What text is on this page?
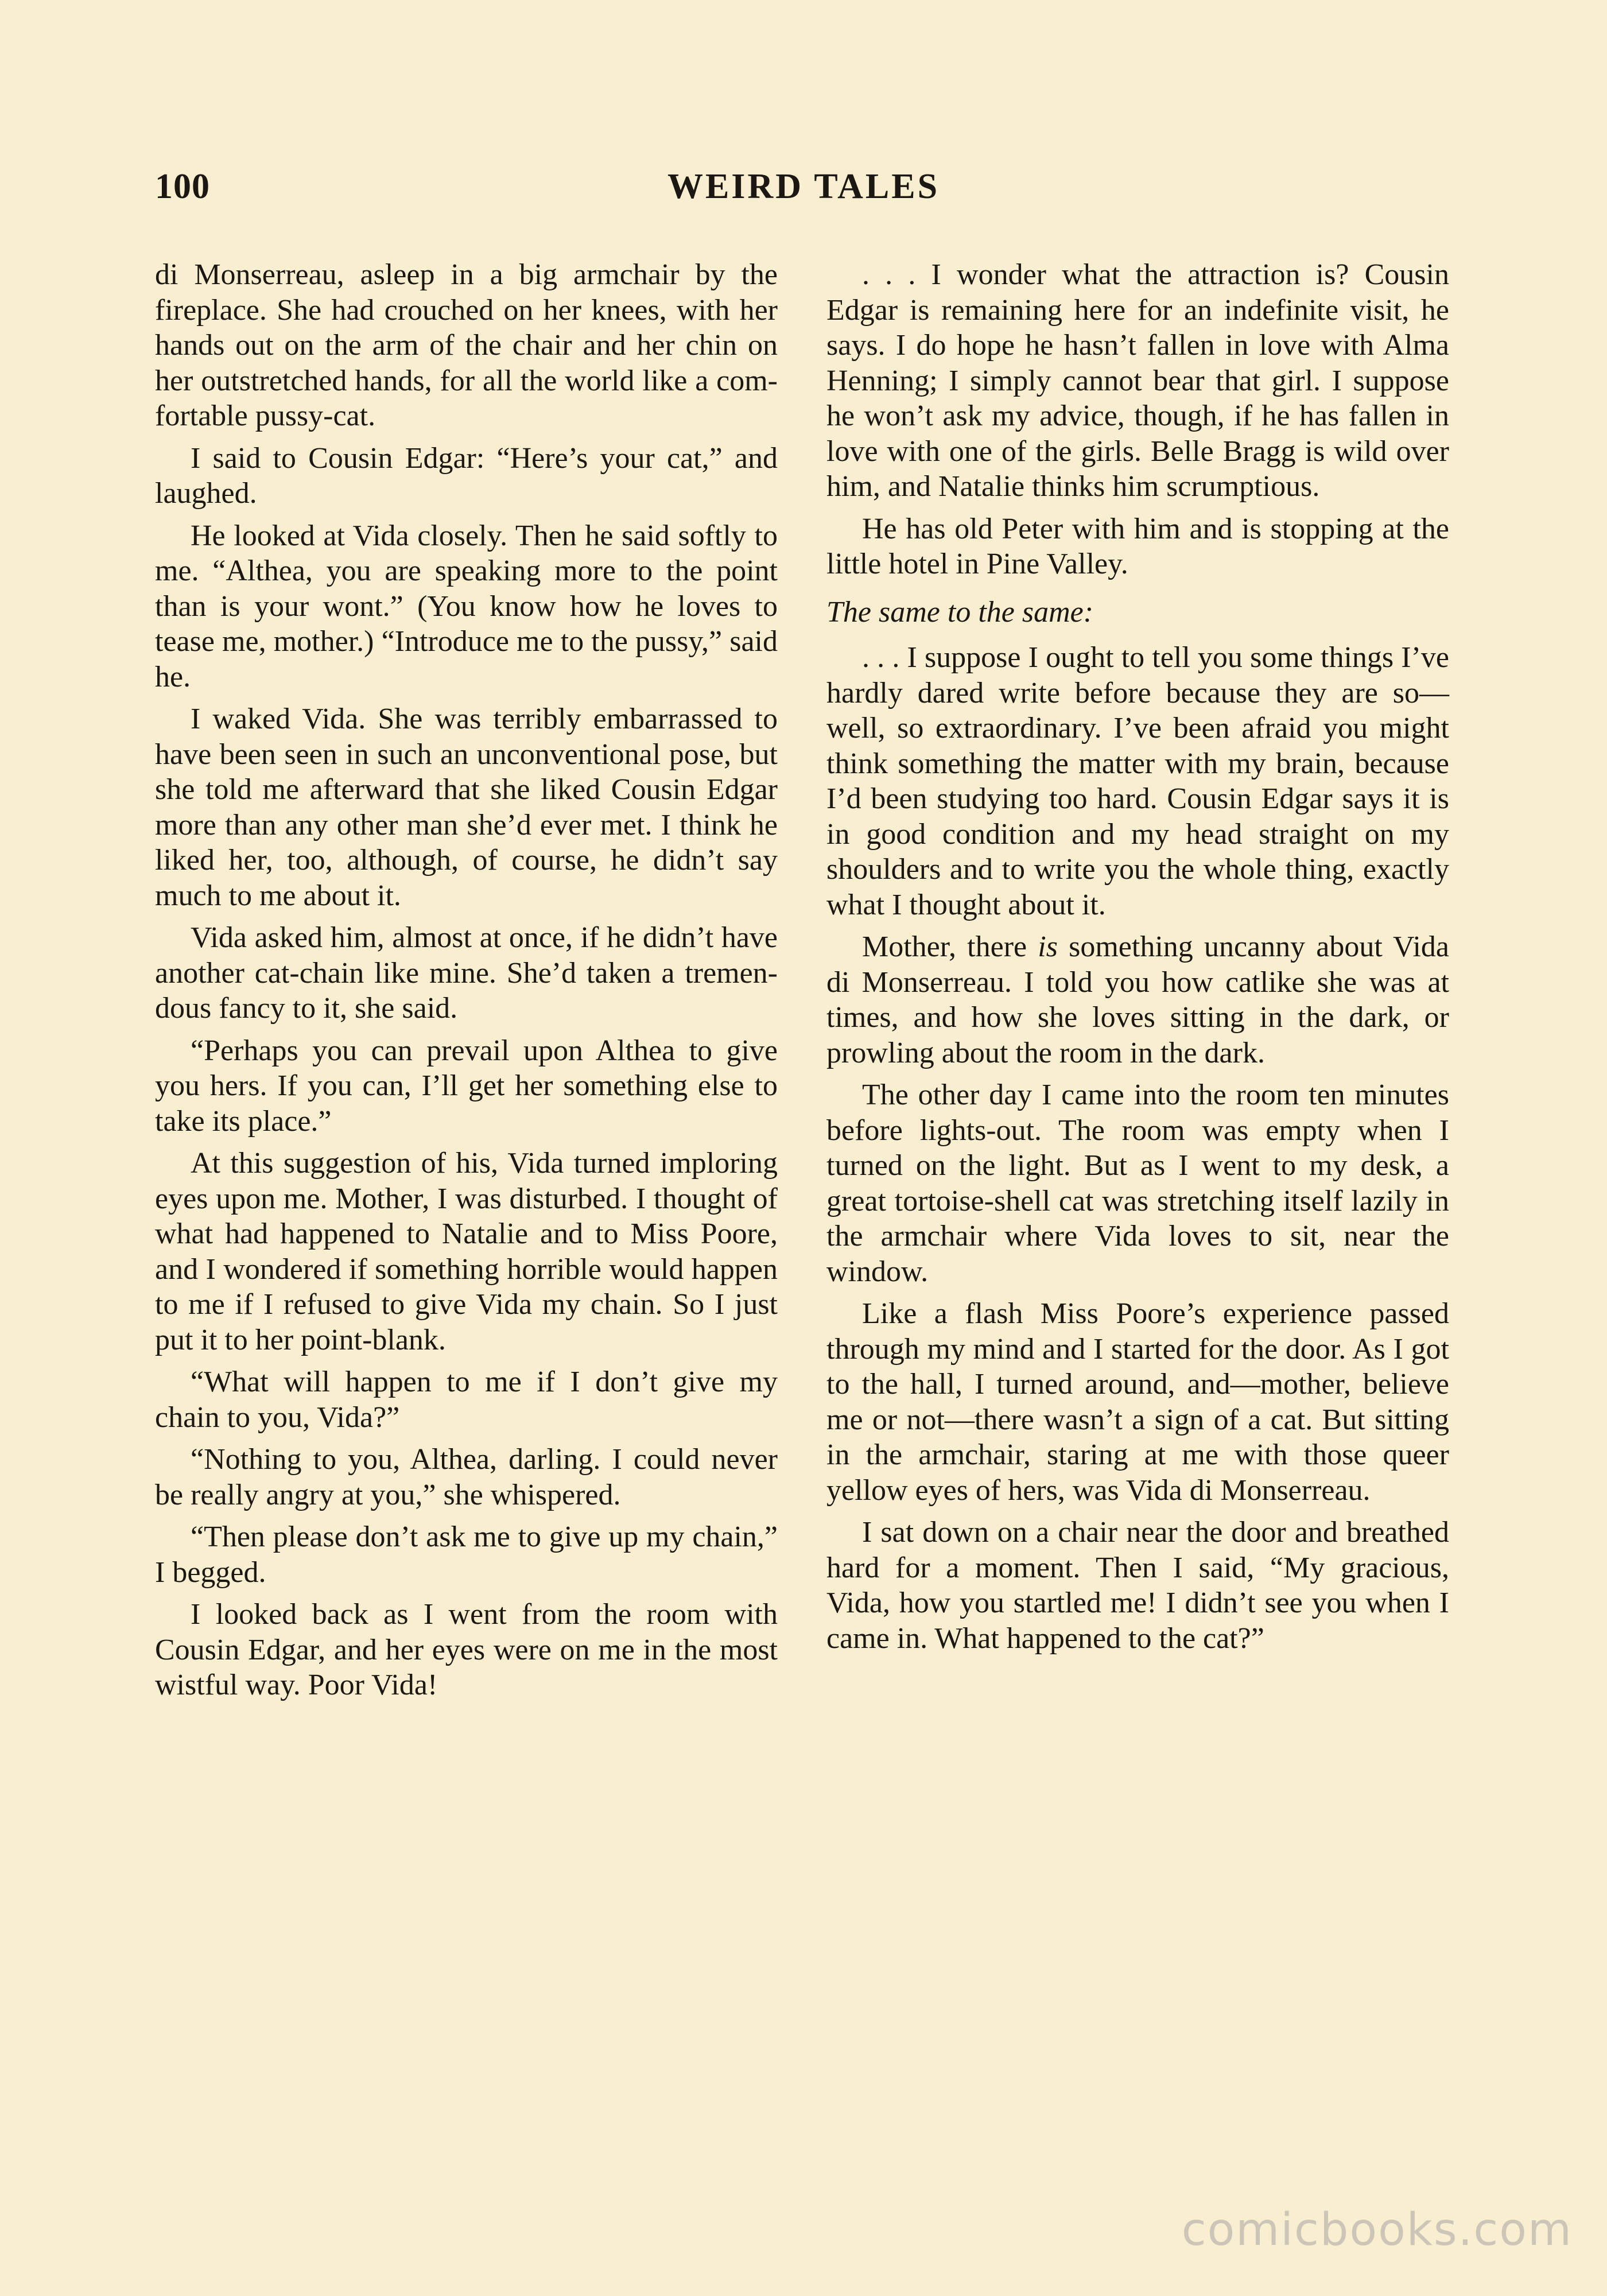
100	WEIRD TALES

di Monserreau, asleep in a big armchair by the fireplace. She had crouched on her knees, with her hands out on the arm of the chair and her chin on her outstretched hands, for all the world like a comfortable pussy-cat.

I said to Cousin Edgar: “Here’s your cat,” and laughed.

He looked at Vida closely. Then he said softly to me. “Althea, you are speaking more to the point than is your wont.” (You know how he loves to tease me, mother.) “Introduce me to the pussy,” said he.

I waked Vida. She was terribly embarrassed to have been seen in such an unconventional pose, but she told me afterward that she liked Cousin Edgar more than any other man she’d ever met. I think he liked her, too, although, of course, he didn’t say much to me about it.

Vida asked him, almost at once, if he didn’t have another cat-chain like mine. She’d taken a tremendous fancy to it, she said.

“Perhaps you can prevail upon Althea to give you hers. If you can, I’ll get her something else to take its place.”

At this suggestion of his, Vida turned imploring eyes upon me. Mother, I was disturbed. I thought of what had happened to Natalie and to Miss Poore, and I wondered if something horrible would happen to me if I refused to give Vida my chain. So I just put it to her point-blank.

“What will happen to me if I don’t give my chain to you, Vida?”

“Nothing to you, Althea, darling. I could never be really angry at you,” she whispered.

“Then please don’t ask me to give up my chain,” I begged.

I looked back as I went from the room with Cousin Edgar, and her eyes were on me in the most wistful way. Poor Vida!

. . . I wonder what the attraction is? Cousin Edgar is remaining here for an indefinite visit, he says. I do hope he hasn’t fallen in love with Alma Henning; I simply cannot bear that girl. I suppose he won’t ask my advice, though, if he has fallen in love with one of the girls. Belle Bragg is wild over him, and Natalie thinks him scrumptious.

He has old Peter with him and is stopping at the little hotel in Pine Valley.

The same to the same:

. . . I suppose I ought to tell you some things I’ve hardly dared write before because they are so—well, so extraordinary. I’ve been afraid you might think something the matter with my brain, because I’d been studying too hard. Cousin Edgar says it is in good condition and my head straight on my shoulders and to write you the whole thing, exactly what I thought about it.

Mother, there is something uncanny about Vida di Monserreau. I told you how catlike she was at times, and how she loves sitting in the dark, or prowling about the room in the dark.

The other day I came into the room ten minutes before lights-out. The room was empty when I turned on the light. But as I went to my desk, a great tortoise-shell cat was stretching itself lazily in the armchair where Vida loves to sit, near the window.

Like a flash Miss Poore’s experience passed through my mind and I started for the door. As I got to the hall, I turned around, and—mother, believe me or not—there wasn’t a sign of a cat. But sitting in the armchair, staring at me with those queer yellow eyes of hers, was Vida di Monserreau.

I sat down on a chair near the door and breathed hard for a moment. Then I said, “My gracious, Vida, how you startled me! I didn’t see you when I came in. What happened to the cat?”

comicbooks.com
